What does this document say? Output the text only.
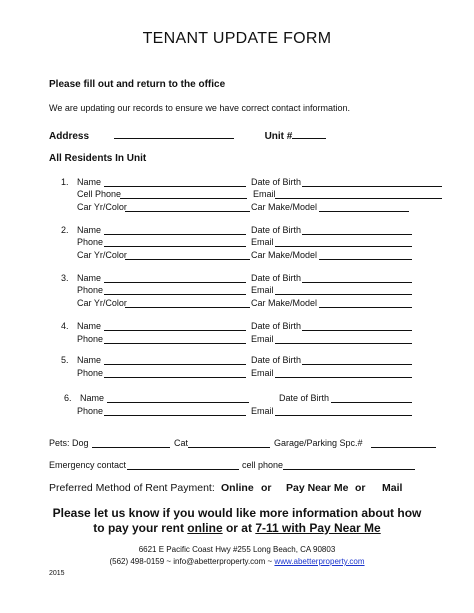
TENANT UPDATE FORM
Please fill out and return to the office
We are updating our records to ensure we have correct contact information.
Address	Unit #
All Residents In Unit
1. Name	Date of Birth
Cell Phone	Email
Car Yr/Color	Car Make/Model
2. Name	Date of Birth
Phone	Email
Car Yr/Color	Car Make/Model
3. Name	Date of Birth
Phone	Email
Car Yr/Color	Car Make/Model
4. Name	Date of Birth
Phone	Email
5. Name	Date of Birth
Phone	Email
6. Name	Date of Birth
Phone	Email
Pets: Dog	Cat	Garage/Parking Spc.#
Emergency contact	cell phone
Preferred Method of Rent Payment: Online or Pay Near Me or Mail
Please let us know if you would like more information about how
to pay your rent online or at 7-11 with Pay Near Me
6621 E Pacific Coast Hwy #255 Long Beach, CA 90803
(562) 498-0159 ~ info@abetterproperty.com ~ www.abetterproperty.com
2015
